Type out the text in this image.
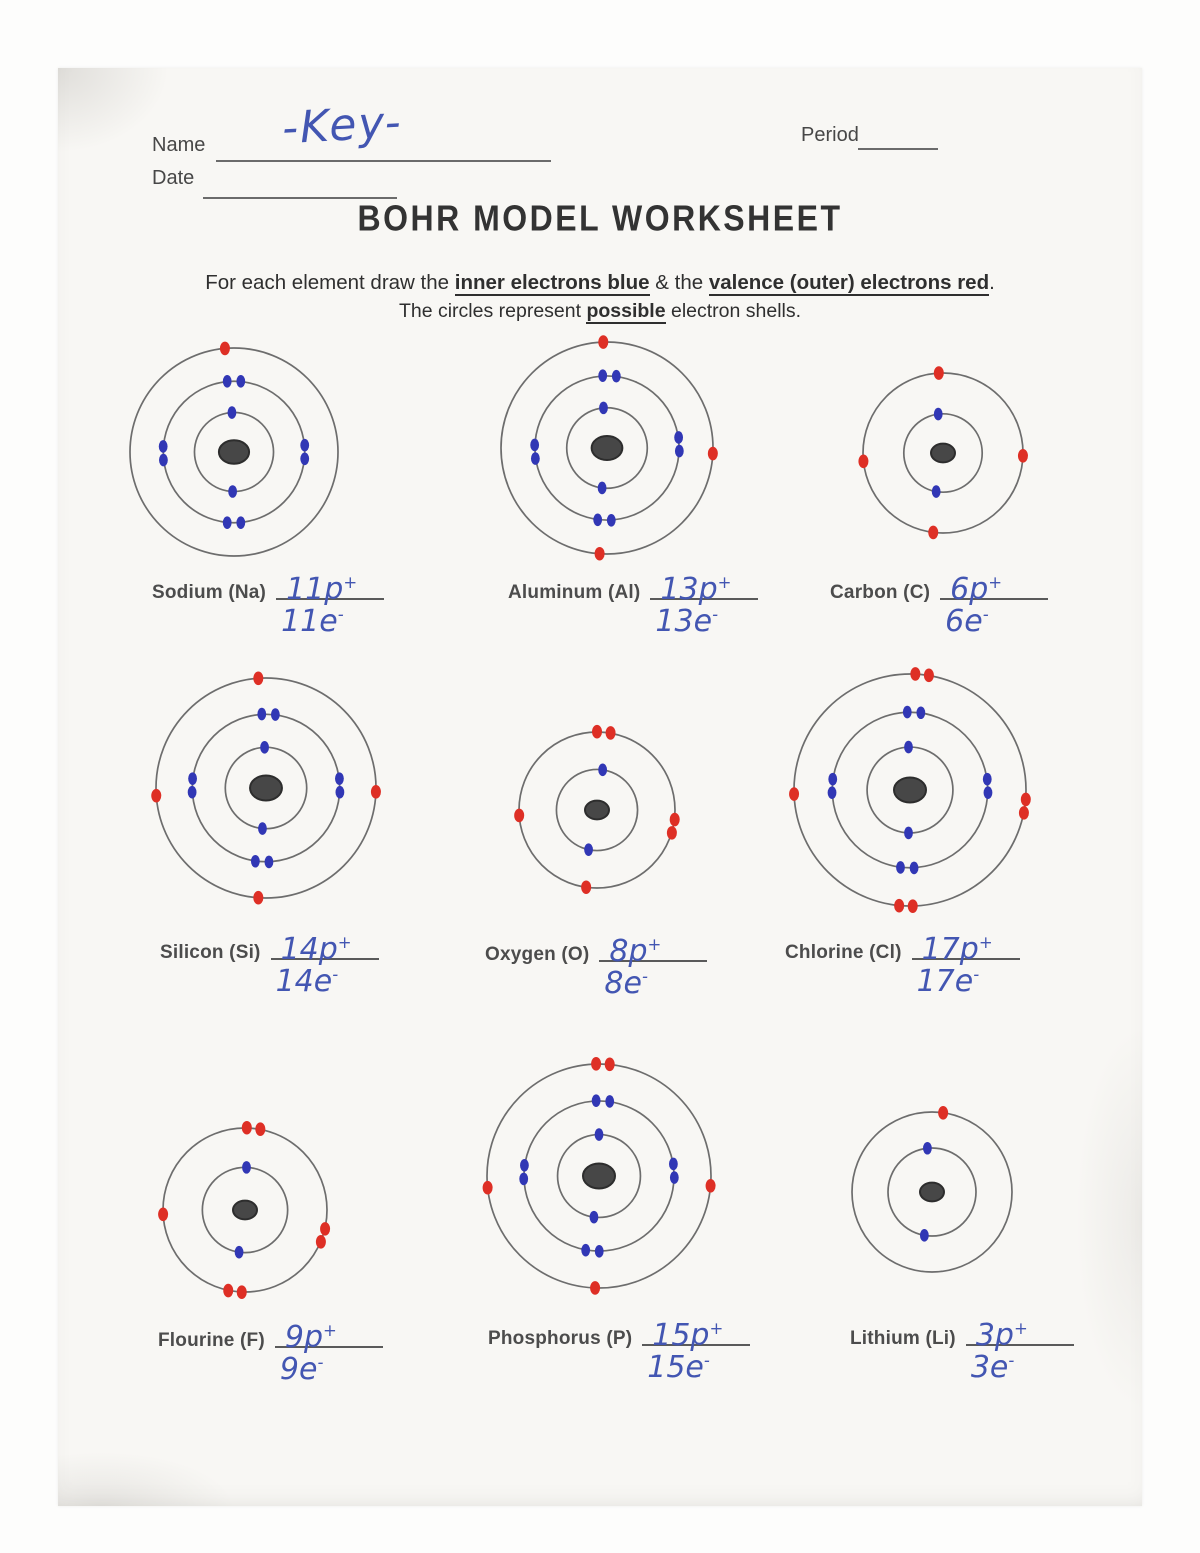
Name -Key-	Period
Date
BOHR MODEL WORKSHEET
For each element draw the inner electrons blue & the valence (outer) electrons red.
The circles represent possible electron shells.
Sodium (Na) 11p+
11e-
Aluminum (Al) 13p+
13e-
Carbon (C) 6p+
6e-
Silicon (Si) 14p+
14e-
Oxygen (O) 8p+
8e-
Chlorine (Cl) 17p+
17e-
Flourine (F) 9p+
9e-
Phosphorus (P) 15p+
15e-
Lithium (Li) 3p+
3e-
